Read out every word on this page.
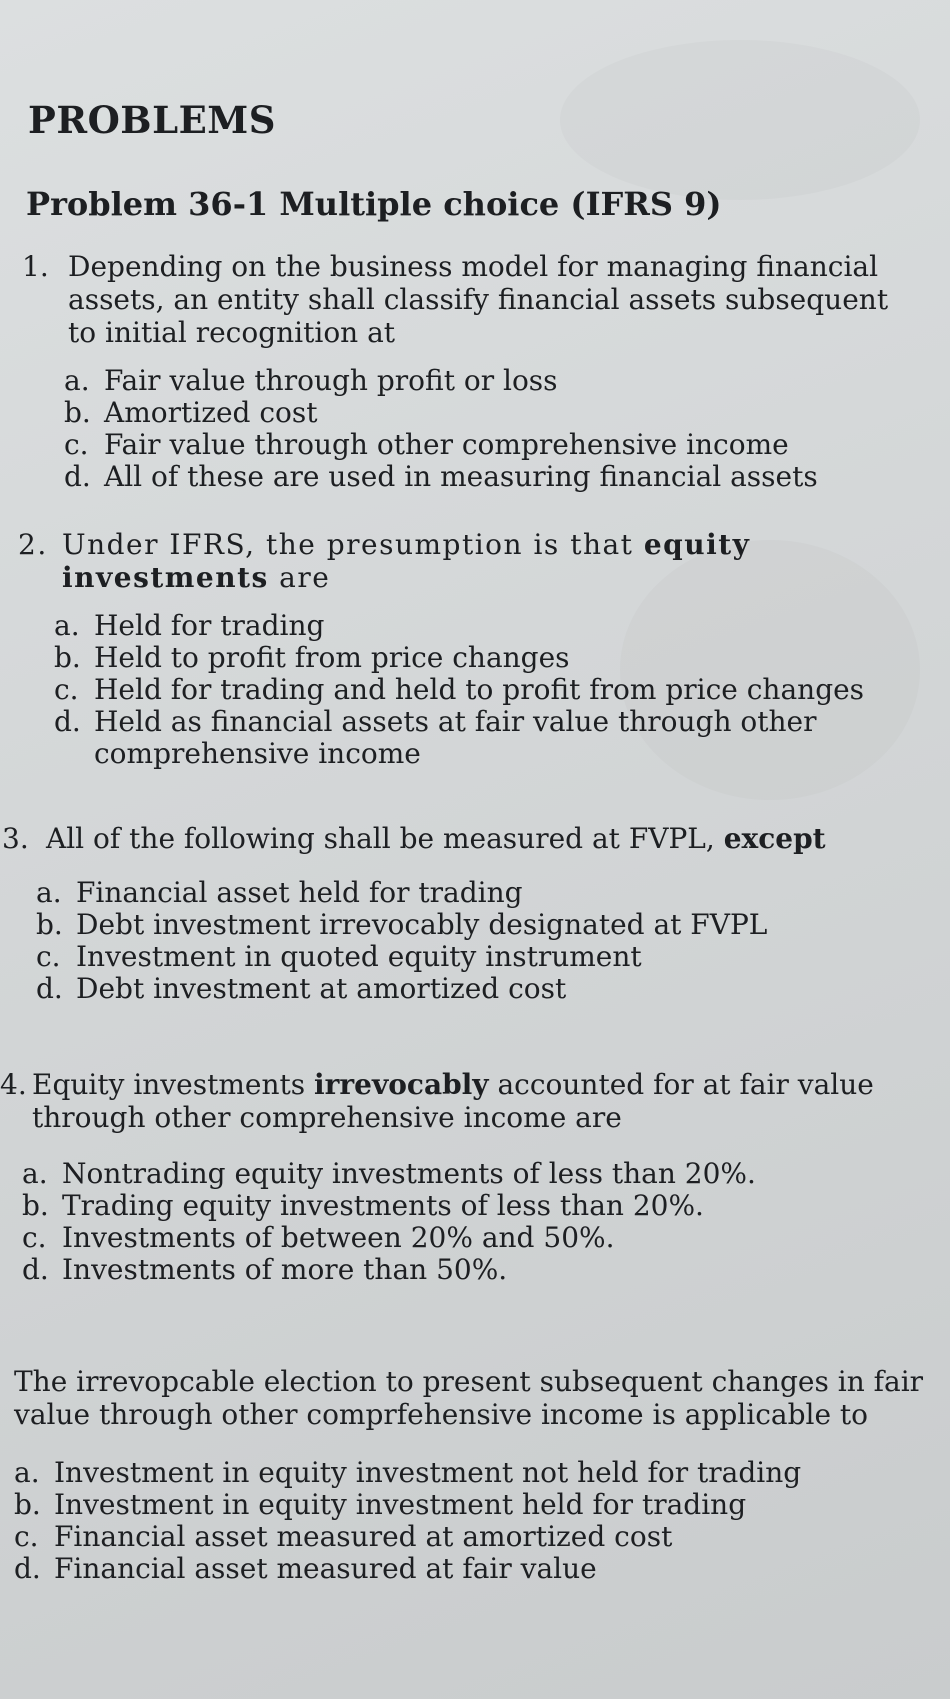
PROBLEMS
Problem 36-1 Multiple choice (IFRS 9)
1. Depending on the business model for managing financial assets, an entity shall classify financial assets subsequent to initial recognition at
a. Fair value through profit or loss
b. Amortized cost
c. Fair value through other comprehensive income
d. All of these are used in measuring financial assets
2. Under IFRS, the presumption is that equity investments are
a. Held for trading
b. Held to profit from price changes
c. Held for trading and held to profit from price changes
d. Held as financial assets at fair value through other comprehensive income
3. All of the following shall be measured at FVPL, except
a. Financial asset held for trading
b. Debt investment irrevocably designated at FVPL
c. Investment in quoted equity instrument
d. Debt investment at amortized cost
4. Equity investments irrevocably accounted for at fair value through other comprehensive income are
a. Nontrading equity investments of less than 20%.
b. Trading equity investments of less than 20%.
c. Investments of between 20% and 50%.
d. Investments of more than 50%.
The irrevopcable election to present subsequent changes in fair value through other comprfehensive income is applicable to
a. Investment in equity investment not held for trading
b. Investment in equity investment held for trading
c. Financial asset measured at amortized cost
d. Financial asset measured at fair value
